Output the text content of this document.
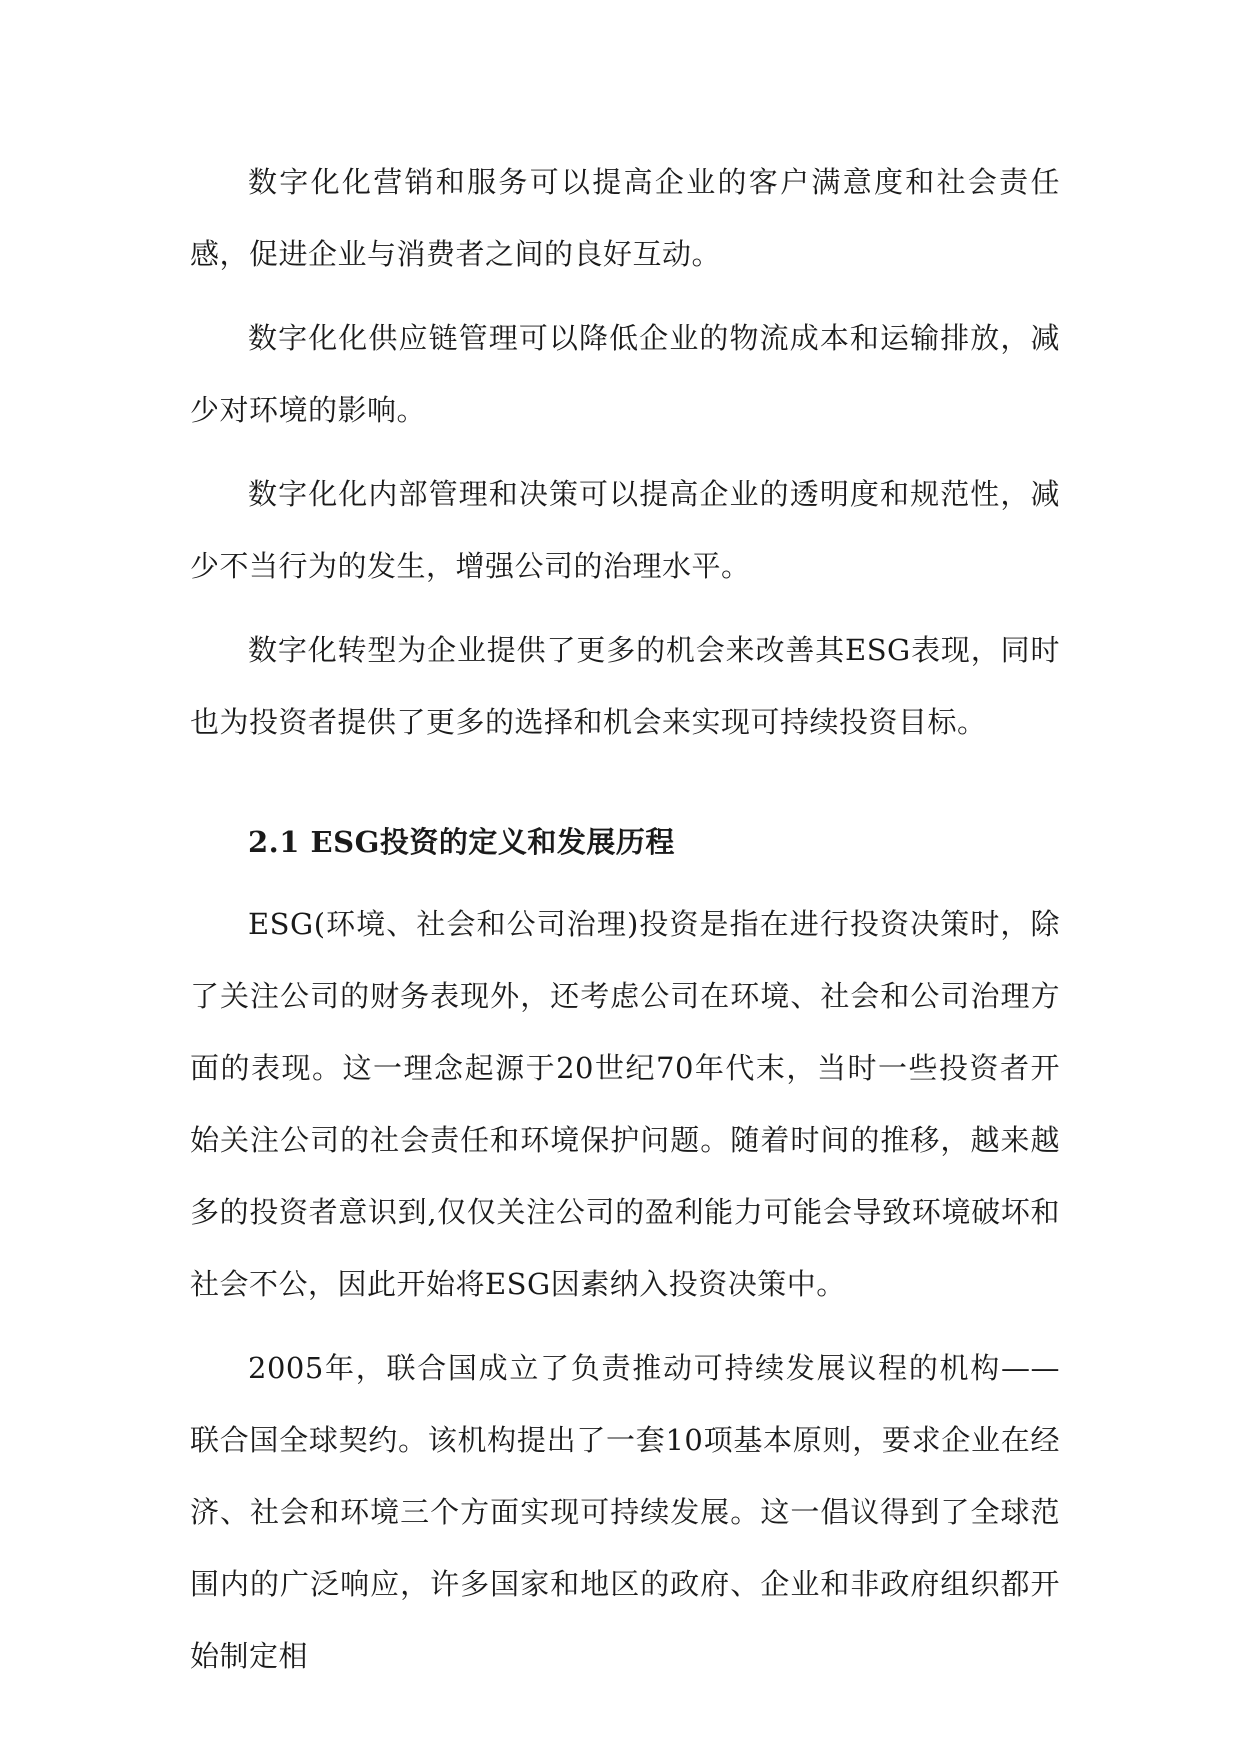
数字化化营销和服务可以提高企业的客户满意度和社会责任感，促进企业与消费者之间的良好互动。

数字化化供应链管理可以降低企业的物流成本和运输排放，减少对环境的影响。

数字化化内部管理和决策可以提高企业的透明度和规范性，减少不当行为的发生，增强公司的治理水平。

数字化转型为企业提供了更多的机会来改善其ESG表现，同时也为投资者提供了更多的选择和机会来实现可持续投资目标。

2.1 ESG投资的定义和发展历程

ESG(环境、社会和公司治理)投资是指在进行投资决策时，除了关注公司的财务表现外，还考虑公司在环境、社会和公司治理方面的表现。这一理念起源于20世纪70年代末，当时一些投资者开始关注公司的社会责任和环境保护问题。随着时间的推移，越来越多的投资者意识到,仅仅关注公司的盈利能力可能会导致环境破坏和社会不公，因此开始将ESG因素纳入投资决策中。

2005年，联合国成立了负责推动可持续发展议程的机构——联合国全球契约。该机构提出了一套10项基本原则，要求企业在经济、社会和环境三个方面实现可持续发展。这一倡议得到了全球范围内的广泛响应，许多国家和地区的政府、企业和非政府组织都开始制定相
